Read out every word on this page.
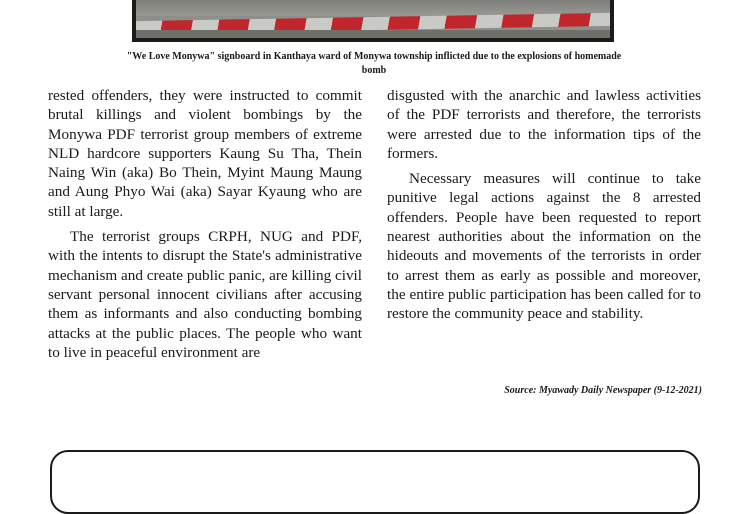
"We Love Monywa" signboard in Kanthaya ward of Monywa township inflicted due to the explosions of homemade bomb

rested offenders, they were instructed to commit brutal killings and violent bombings by the Monywa PDF terrorist group members of extreme NLD hardcore supporters Kaung Su Tha, Thein Naing Win (aka) Bo Thein, Myint Maung Maung and Aung Phyo Wai (aka) Sayar Kyaung who are still at large.

The terrorist groups CRPH, NUG and PDF, with the intents to disrupt the State's administrative mechanism and create public panic, are killing civil servant personal innocent civilians after accusing them as informants and also conducting bombing attacks at the public places. The people who want to live in peaceful environment are

disgusted with the anarchic and lawless activities of the PDF terrorists and therefore, the terrorists were arrested due to the information tips of the formers.

Necessary measures will continue to take punitive legal actions against the 8 arrested offenders. People have been requested to report nearest authorities about the information on the hideouts and movements of the terrorists in order to arrest them as early as possible and moreover, the entire public participation has been called for to restore the community peace and stability.

Source: Myawady Daily Newspaper (9-12-2021)
